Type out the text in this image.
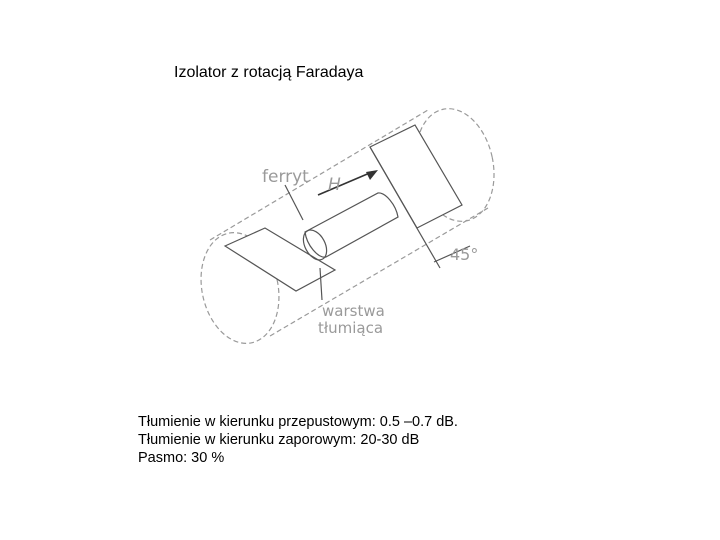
Izolator z rotacją Faradaya
ferryt H
45°
warstwa
tłumiąca
Tłumienie w kierunku przepustowym: 0.5 –0.7 dB.
Tłumienie w kierunku zaporowym: 20-30 dB
Pasmo: 30 %
